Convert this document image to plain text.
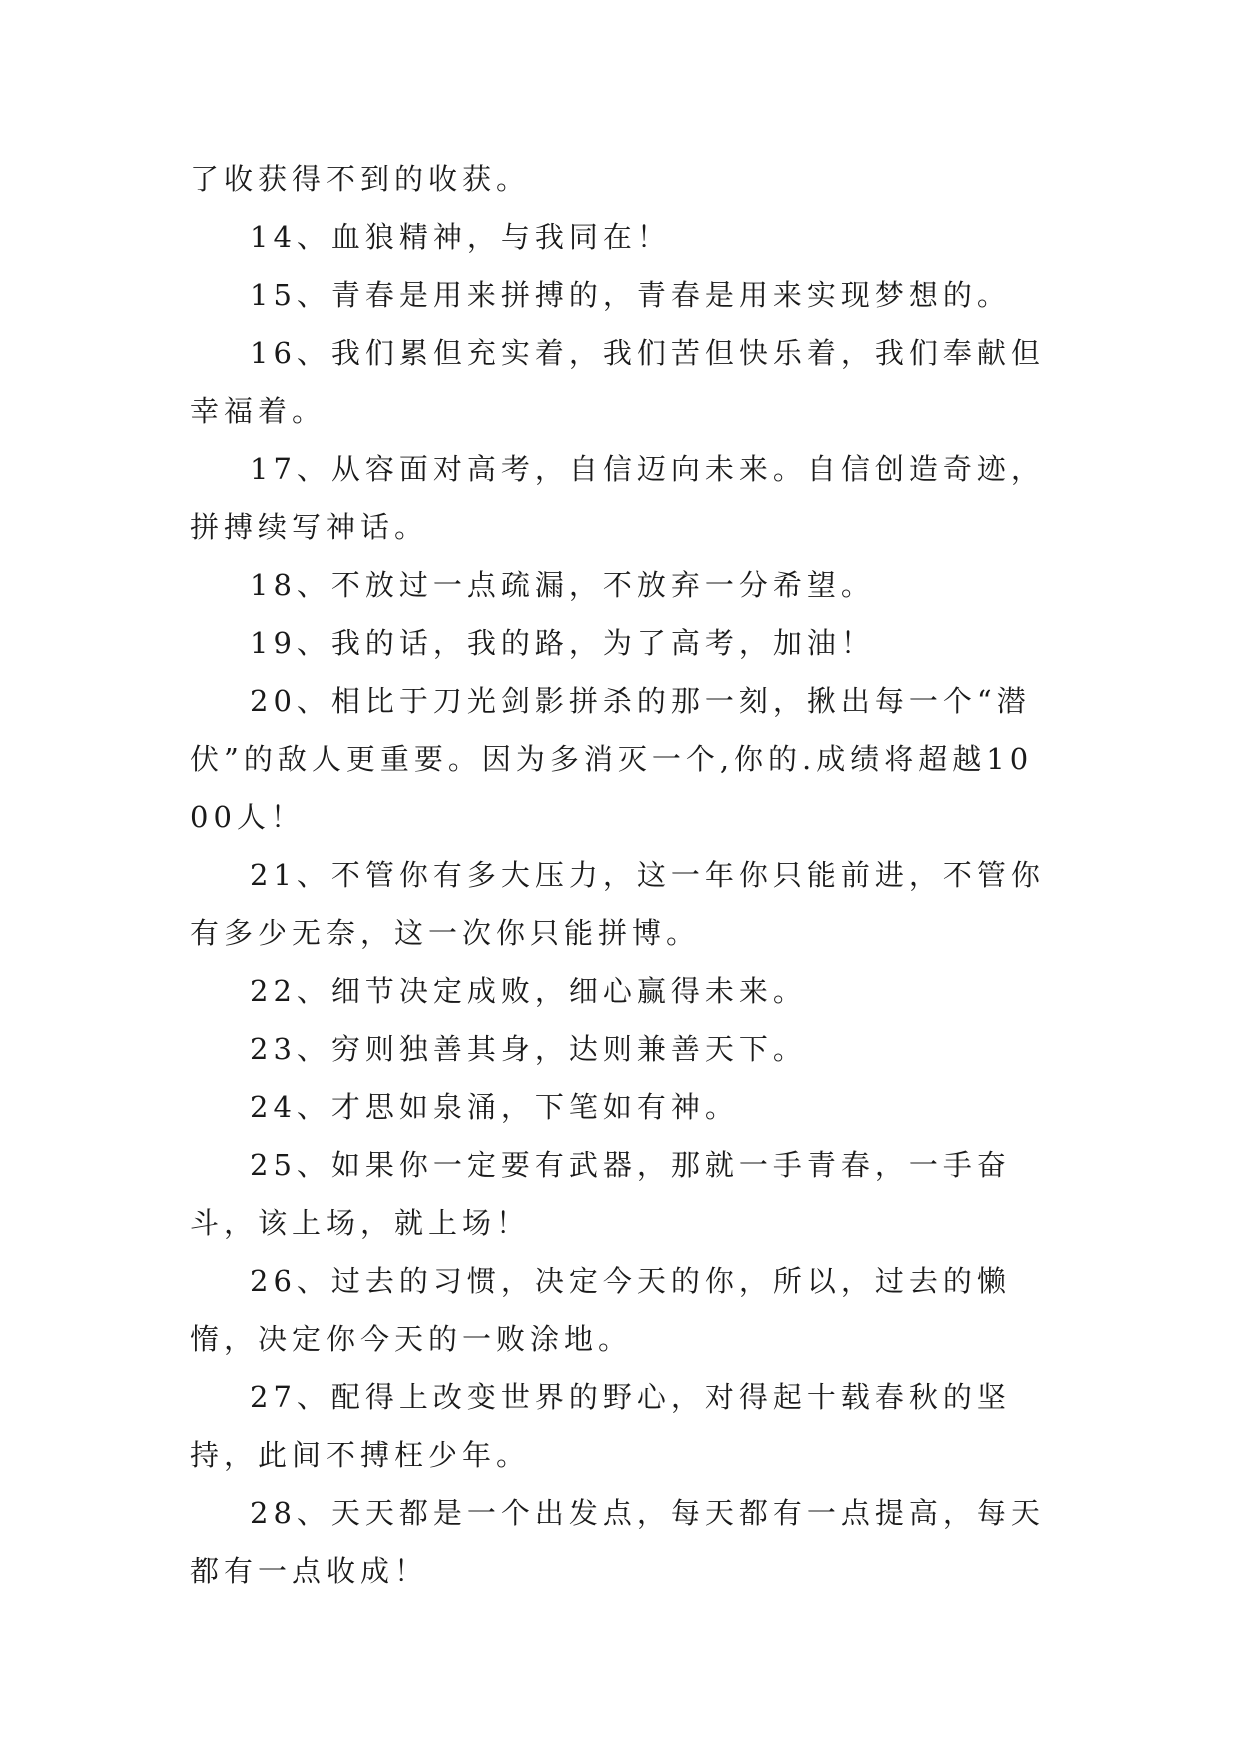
了收获得不到的收获。

14、血狼精神，与我同在！

15、青春是用来拼搏的，青春是用来实现梦想的。

16、我们累但充实着，我们苦但快乐着，我们奉献但幸福着。

17、从容面对高考，自信迈向未来。自信创造奇迹，拼搏续写神话。

18、不放过一点疏漏，不放弃一分希望。

19、我的话，我的路，为了高考，加油！

20、相比于刀光剑影拼杀的那一刻，揪出每一个“潜伏”的敌人更重要。因为多消灭一个,你的.成绩将超越1000人！

21、不管你有多大压力，这一年你只能前进，不管你有多少无奈，这一次你只能拼博。

22、细节决定成败，细心赢得未来。

23、穷则独善其身，达则兼善天下。

24、才思如泉涌，下笔如有神。

25、如果你一定要有武器，那就一手青春，一手奋斗，该上场，就上场！

26、过去的习惯，决定今天的你，所以，过去的懒惰，决定你今天的一败涂地。

27、配得上改变世界的野心，对得起十载春秋的坚持，此间不搏枉少年。

28、天天都是一个出发点，每天都有一点提高，每天都有一点收成！
